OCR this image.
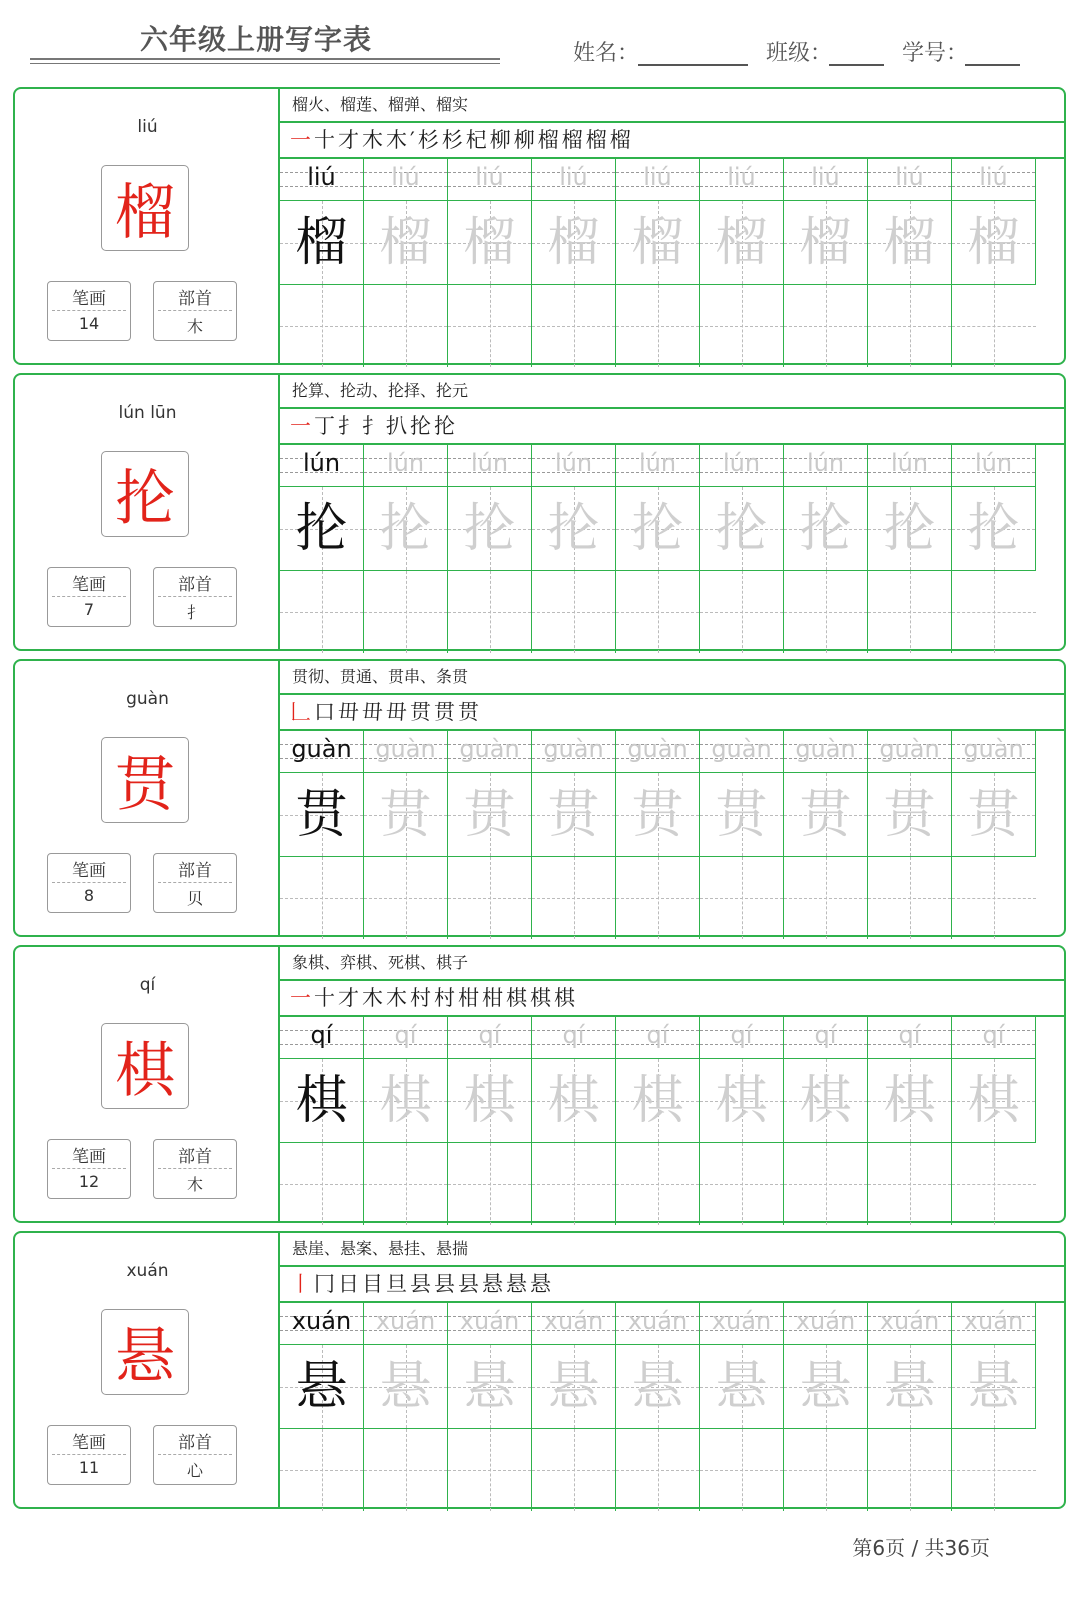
六年级上册写字表	姓名：	班级：	学号：
liú
榴
笔画
14
部首
木
榴火、榴莲、榴弹、榴实
一十才木木′杉杉杞柳柳榴榴榴榴
liú
榴
liú
榴
liú
榴
liú
榴
liú
榴
liú
榴
liú
榴
liú
榴
liú
榴
lún lūn
抡
笔画
7
部首
扌
抡算、抡动、抡择、抡元
一丁扌扌扒抡抡
lún
抡
lún
抡
lún
抡
lún
抡
lún
抡
lún
抡
lún
抡
lún
抡
lún
抡
guàn
贯
笔画
8
部首
贝
贯彻、贯通、贯串、条贯
𠃊口毌毌毌贯贯贯
guàn
贯
guàn
贯
guàn
贯
guàn
贯
guàn
贯
guàn
贯
guàn
贯
guàn
贯
guàn
贯
qí
棋
笔画
12
部首
木
象棋、弈棋、死棋、棋子
一十才木木村村柑柑棋棋棋
qí
棋
qí
棋
qí
棋
qí
棋
qí
棋
qí
棋
qí
棋
qí
棋
qí
棋
xuán
悬
笔画
11
部首
心
悬崖、悬案、悬挂、悬揣
丨冂日目旦县县县悬悬悬
xuán
悬
xuán
悬
xuán
悬
xuán
悬
xuán
悬
xuán
悬
xuán
悬
xuán
悬
xuán
悬
第6页 / 共36页
